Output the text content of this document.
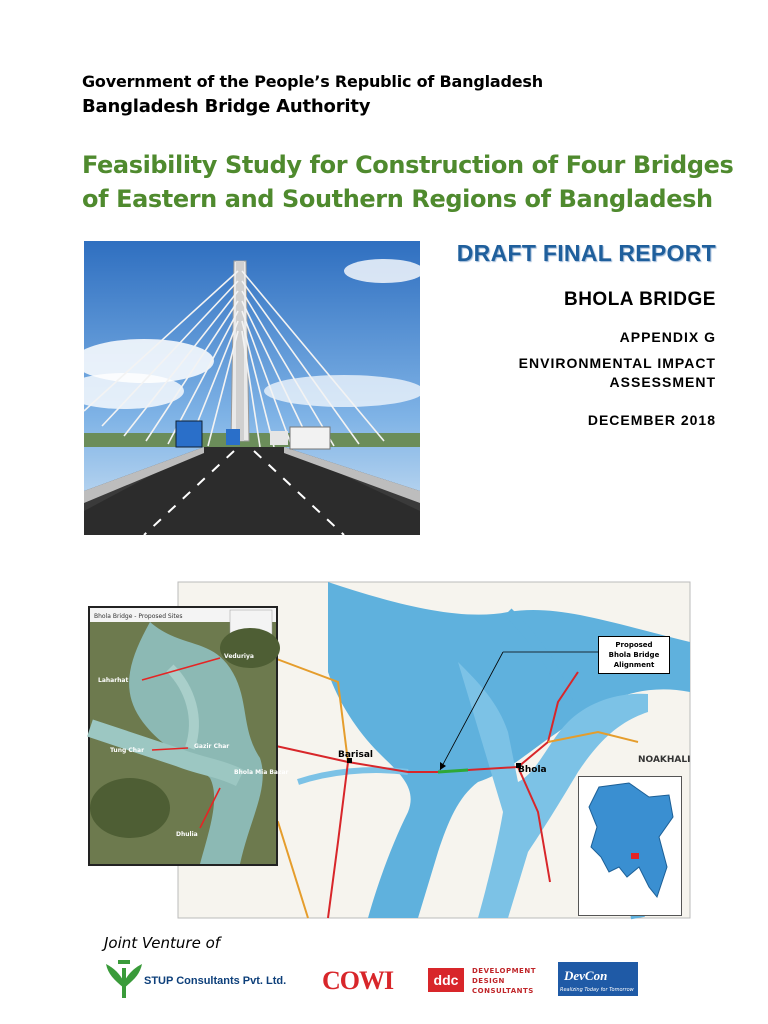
Government of the People’s Republic of Bangladesh
Bangladesh Bridge Authority
Feasibility Study for Construction of Four Bridges of Eastern and Southern Regions of Bangladesh
DRAFT FINAL REPORT
BHOLA BRIDGE
APPENDIX G
ENVIRONMENTAL IMPACT
ASSESSMENT
DECEMBER 2018
Barisal
Bhola
NOAKHALI
Proposed
Bhola Bridge
Alignment
Bhola Bridge - Proposed Sites
Veduriya
Laharhat
Tung Char
Gazir Char
Bhola Mia Bazar
Dhulia
Joint Venture of
STUP Consultants Pvt. Ltd. COWI	ddc
DEVELOPMENT
DESIGN
CONSULTANTS
DevCon
Realizing Today for Tomorrow
